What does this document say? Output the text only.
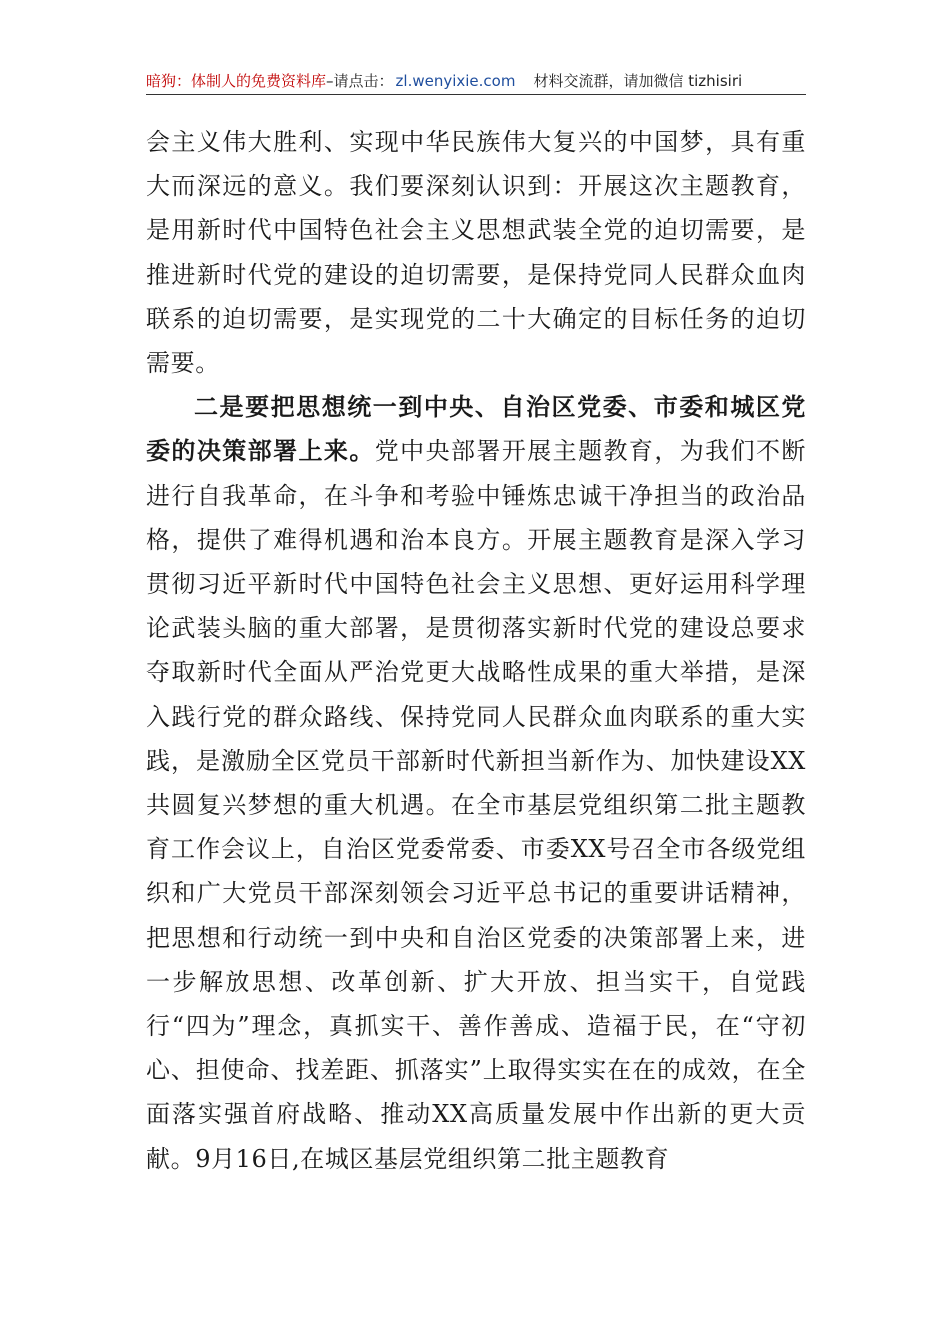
暗狗：体制人的免费资料库–请点击： zl.wenyixie.com 材料交流群，请加微信 tizhisiri

会主义伟大胜利、实现中华民族伟大复兴的中国梦，具有重大而深远的意义。我们要深刻认识到：开展这次主题教育，是用新时代中国特色社会主义思想武装全党的迫切需要，是推进新时代党的建设的迫切需要，是保持党同人民群众血肉联系的迫切需要，是实现党的二十大确定的目标任务的迫切需要。

二是要把思想统一到中央、自治区党委、市委和城区党委的决策部署上来。党中央部署开展主题教育，为我们不断进行自我革命，在斗争和考验中锤炼忠诚干净担当的政治品格，提供了难得机遇和治本良方。开展主题教育是深入学习贯彻习近平新时代中国特色社会主义思想、更好运用科学理论武装头脑的重大部署，是贯彻落实新时代党的建设总要求夺取新时代全面从严治党更大战略性成果的重大举措，是深入践行党的群众路线、保持党同人民群众血肉联系的重大实践，是激励全区党员干部新时代新担当新作为、加快建设XX共圆复兴梦想的重大机遇。在全市基层党组织第二批主题教育工作会议上，自治区党委常委、市委XX号召全市各级党组织和广大党员干部深刻领会习近平总书记的重要讲话精神，把思想和行动统一到中央和自治区党委的决策部署上来，进一步解放思想、改革创新、扩大开放、担当实干，自觉践行“四为”理念，真抓实干、善作善成、造福于民，在“守初心、担使命、找差距、抓落实”上取得实实在在的成效，在全面落实强首府战略、推动XX高质量发展中作出新的更大贡献。9月16日,在城区基层党组织第二批主题教育
